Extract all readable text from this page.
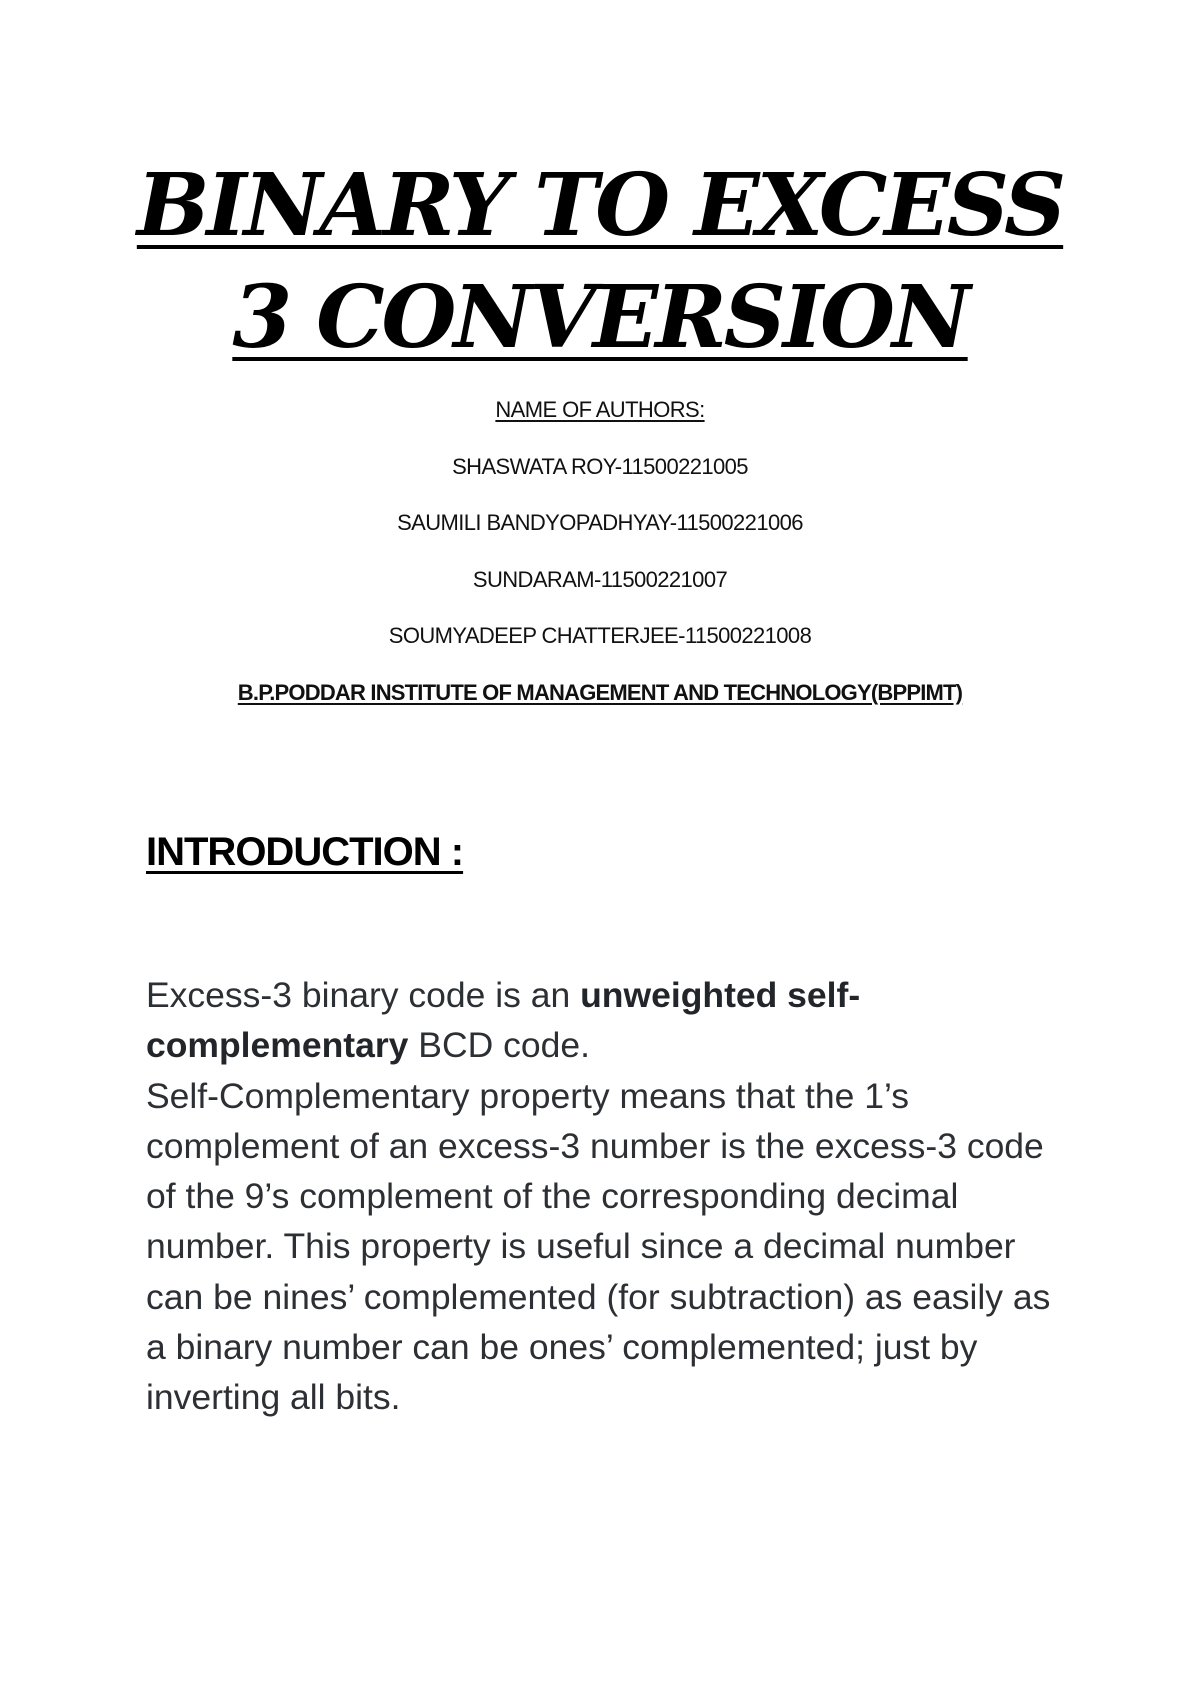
BINARY TO EXCESS
3 CONVERSION
NAME OF AUTHORS:
SHASWATA ROY-11500221005
SAUMILI BANDYOPADHYAY-11500221006
SUNDARAM-11500221007
SOUMYADEEP CHATTERJEE-11500221008
B.P.PODDAR INSTITUTE OF MANAGEMENT AND TECHNOLOGY(BPPIMT)
INTRODUCTION :

Excess-3 binary code is an unweighted self-complementary BCD code.

Self-Complementary property means that the 1’s complement of an excess-3 number is the excess-3 code of the 9’s complement of the corresponding decimal number. This property is useful since a decimal number can be nines’ complemented (for subtraction) as easily as a binary number can be ones’ complemented; just by inverting all bits.
